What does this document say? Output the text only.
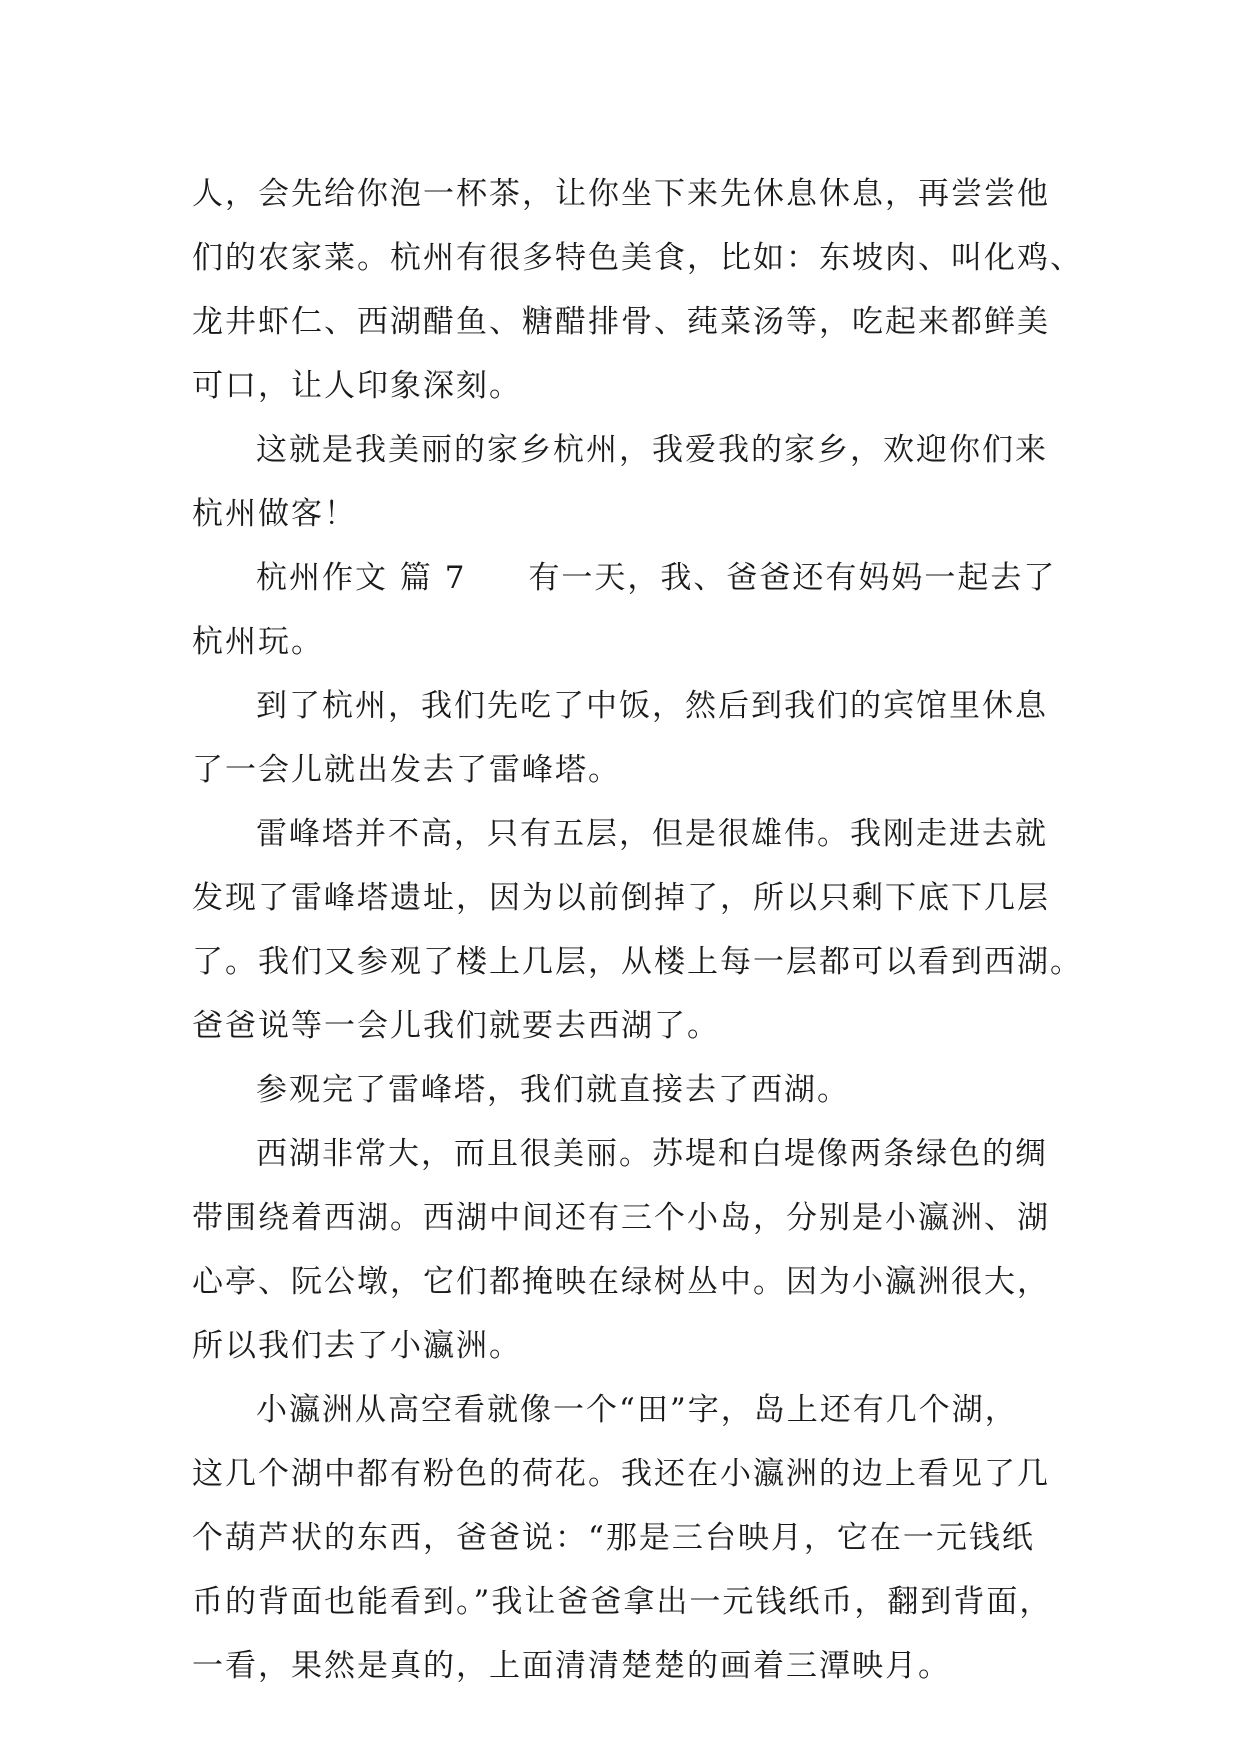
人，会先给你泡一杯茶，让你坐下来先休息休息，再尝尝他
们的农家菜。杭州有很多特色美食，比如：东坡肉、叫化鸡、
龙井虾仁、西湖醋鱼、糖醋排骨、莼菜汤等，吃起来都鲜美
可口，让人印象深刻。
这就是我美丽的家乡杭州，我爱我的家乡，欢迎你们来
杭州做客！
杭州作文 篇 7 有一天，我、爸爸还有妈妈一起去了
杭州玩。
到了杭州，我们先吃了中饭，然后到我们的宾馆里休息
了一会儿就出发去了雷峰塔。
雷峰塔并不高，只有五层，但是很雄伟。我刚走进去就
发现了雷峰塔遗址，因为以前倒掉了，所以只剩下底下几层
了。我们又参观了楼上几层，从楼上每一层都可以看到西湖。
爸爸说等一会儿我们就要去西湖了。
参观完了雷峰塔，我们就直接去了西湖。
西湖非常大，而且很美丽。苏堤和白堤像两条绿色的绸
带围绕着西湖。西湖中间还有三个小岛，分别是小瀛洲、湖
心亭、阮公墩，它们都掩映在绿树丛中。因为小瀛洲很大，
所以我们去了小瀛洲。
小瀛洲从高空看就像一个“田”字，岛上还有几个湖，
这几个湖中都有粉色的荷花。我还在小瀛洲的边上看见了几
个葫芦状的东西，爸爸说：“那是三台映月，它在一元钱纸
币的背面也能看到。”我让爸爸拿出一元钱纸币，翻到背面，
一看，果然是真的，上面清清楚楚的画着三潭映月。
